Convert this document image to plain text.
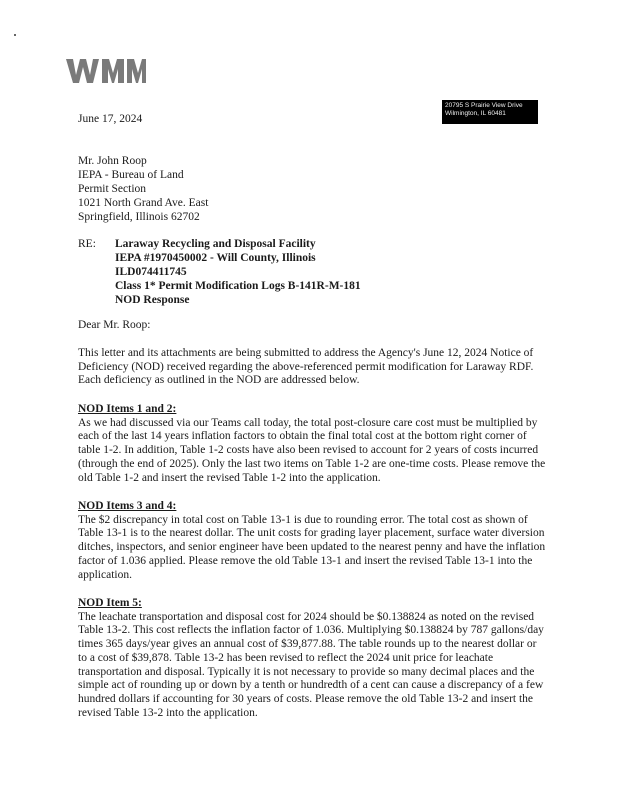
20795 S Prairie View Drive
Wilmington, IL 60481
June 17, 2024
Mr. John Roop
IEPA - Bureau of Land
Permit Section
1021 North Grand Ave. East
Springfield, Illinois 62702
RE: Laraway Recycling and Disposal Facility
IEPA #1970450002 - Will County, Illinois
ILD074411745
Class 1* Permit Modification Logs B-141R-M-181
NOD Response
Dear Mr. Roop:

This letter and its attachments are being submitted to address the Agency's June 12, 2024 Notice of Deficiency (NOD) received regarding the above-referenced permit modification for Laraway RDF. Each deficiency as outlined in the NOD are addressed below.

NOD Items 1 and 2:

As we had discussed via our Teams call today, the total post-closure care cost must be multiplied by each of the last 14 years inflation factors to obtain the final total cost at the bottom right corner of table 1-2. In addition, Table 1-2 costs have also been revised to account for 2 years of costs incurred (through the end of 2025). Only the last two items on Table 1-2 are one-time costs. Please remove the old Table 1-2 and insert the revised Table 1-2 into the application.

NOD Items 3 and 4:

The $2 discrepancy in total cost on Table 13-1 is due to rounding error. The total cost as shown of Table 13-1 is to the nearest dollar. The unit costs for grading layer placement, surface water diversion ditches, inspectors, and senior engineer have been updated to the nearest penny and have the inflation factor of 1.036 applied. Please remove the old Table 13-1 and insert the revised Table 13-1 into the application.

NOD Item 5:

The leachate transportation and disposal cost for 2024 should be $0.138824 as noted on the revised Table 13-2. This cost reflects the inflation factor of 1.036. Multiplying $0.138824 by 787 gallons/day times 365 days/year gives an annual cost of $39,877.88. The table rounds up to the nearest dollar or to a cost of $39,878. Table 13-2 has been revised to reflect the 2024 unit price for leachate transportation and disposal. Typically it is not necessary to provide so many decimal places and the simple act of rounding up or down by a tenth or hundredth of a cent can cause a discrepancy of a few hundred dollars if accounting for 30 years of costs. Please remove the old Table 13-2 and insert the revised Table 13-2 into the application.
